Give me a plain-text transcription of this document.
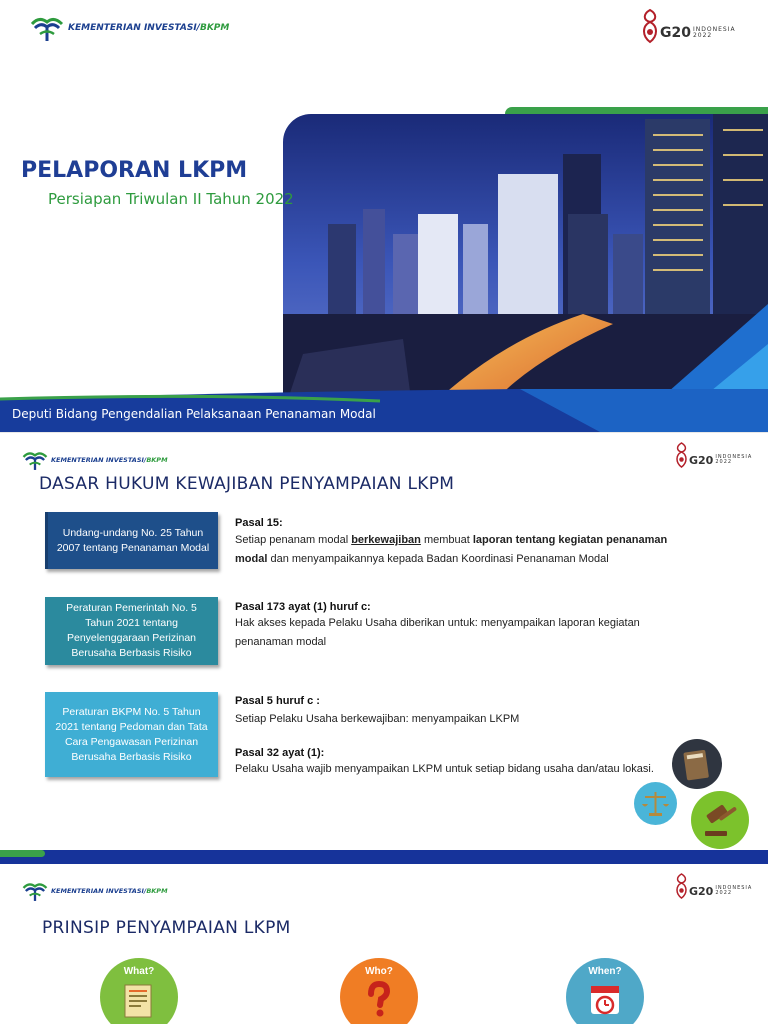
KEMENTERIAN INVESTASI/BKPM	G20 INDONESIA
2022
PELAPORAN LKPM
Persiapan Triwulan II Tahun 2022
Deputi Bidang Pengendalian Pelaksanaan Penanaman Modal
KEMENTERIAN INVESTASI/BKPM	G20 INDONESIA
2022
DASAR HUKUM KEWAJIBAN PENYAMPAIAN LKPM
Undang-undang No. 25 Tahun 2007 tentang Penanaman Modal
Pasal 15:
Setiap penanam modal berkewajiban membuat laporan tentang kegiatan penanaman modal dan menyampaikannya kepada Badan Koordinasi Penanaman Modal
Peraturan Pemerintah No. 5 Tahun 2021 tentang Penyelenggaraan Perizinan Berusaha Berbasis Risiko
Pasal 173 ayat (1) huruf c:
Hak akses kepada Pelaku Usaha diberikan untuk: menyampaikan laporan kegiatan penanaman modal
Peraturan BKPM No. 5 Tahun 2021 tentang Pedoman dan Tata Cara Pengawasan Perizinan Berusaha Berbasis Risiko
Pasal 5 huruf c :
Setiap Pelaku Usaha berkewajiban: menyampaikan LKPM
Pasal 32 ayat (1):
Pelaku Usaha wajib menyampaikan LKPM untuk setiap bidang usaha dan/atau lokasi.
KEMENTERIAN INVESTASI/BKPM	G20 INDONESIA
2022
PRINSIP PENYAMPAIAN LKPM
What?	Who?	When?
